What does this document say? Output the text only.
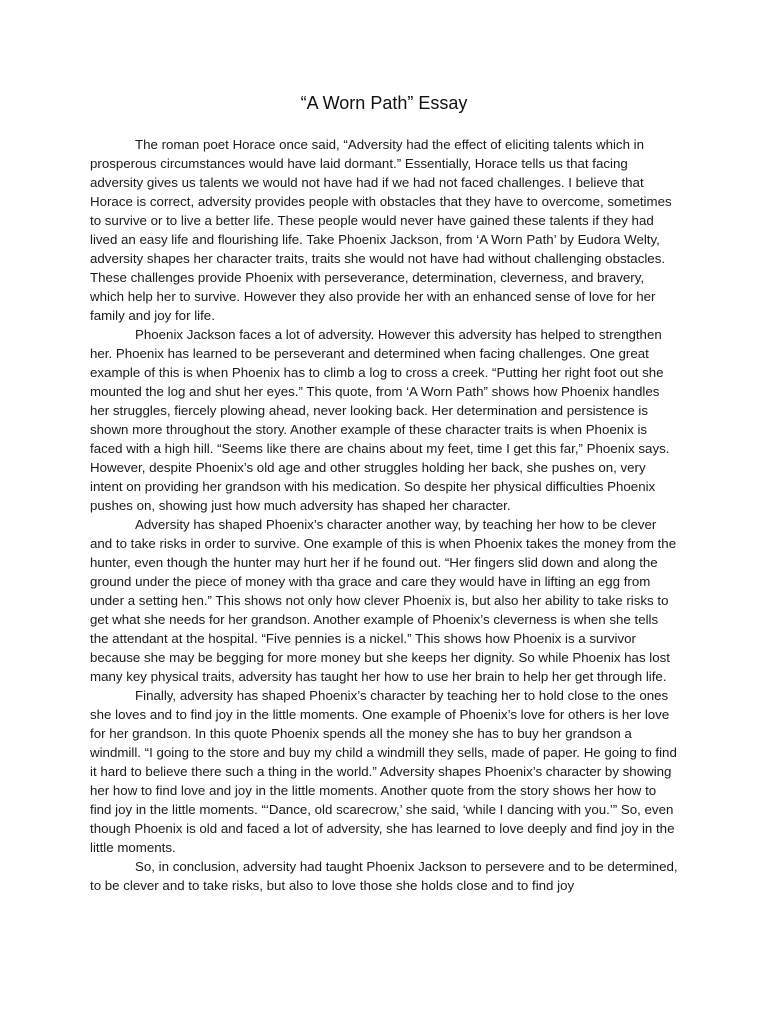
“A Worn Path” Essay

The roman poet Horace once said, “Adversity had the effect of eliciting talents which in prosperous circumstances would have laid dormant.” Essentially, Horace tells us that facing adversity gives us talents we would not have had if we had not faced challenges. I believe that Horace is correct, adversity provides people with obstacles that they have to overcome, sometimes to survive or to live a better life. These people would never have gained these talents if they had lived an easy life and flourishing life. Take Phoenix Jackson, from ‘A Worn Path’ by Eudora Welty, adversity shapes her character traits, traits she would not have had without challenging obstacles. These challenges provide Phoenix with perseverance, determination, cleverness, and bravery, which help her to survive. However they also provide her with an enhanced sense of love for her family and joy for life.

Phoenix Jackson faces a lot of adversity. However this adversity has helped to strengthen her. Phoenix has learned to be perseverant and determined when facing challenges. One great example of this is when Phoenix has to climb a log to cross a creek. “Putting her right foot out she mounted the log and shut her eyes.” This quote, from ‘A Worn Path” shows how Phoenix handles her struggles, fiercely plowing ahead, never looking back. Her determination and persistence is shown more throughout the story. Another example of these character traits is when Phoenix is faced with a high hill. “Seems like there are chains about my feet, time I get this far,” Phoenix says. However, despite Phoenix’s old age and other struggles holding her back, she pushes on, very intent on providing her grandson with his medication. So despite her physical difficulties Phoenix pushes on, showing just how much adversity has shaped her character.

Adversity has shaped Phoenix’s character another way, by teaching her how to be clever and to take risks in order to survive. One example of this is when Phoenix takes the money from the hunter, even though the hunter may hurt her if he found out. “Her fingers slid down and along the ground under the piece of money with tha grace and care they would have in lifting an egg from under a setting hen.” This shows not only how clever Phoenix is, but also her ability to take risks to get what she needs for her grandson. Another example of Phoenix’s cleverness is when she tells the attendant at the hospital. “Five pennies is a nickel.” This shows how Phoenix is a survivor because she may be begging for more money but she keeps her dignity. So while Phoenix has lost many key physical traits, adversity has taught her how to use her brain to help her get through life.

Finally, adversity has shaped Phoenix’s character by teaching her to hold close to the ones she loves and to find joy in the little moments. One example of Phoenix’s love for others is her love for her grandson. In this quote Phoenix spends all the money she has to buy her grandson a windmill. “I going to the store and buy my child a windmill they sells, made of paper. He going to find it hard to believe there such a thing in the world.” Adversity shapes Phoenix’s character by showing her how to find love and joy in the little moments. Another quote from the story shows her how to find joy in the little moments. “‘Dance, old scarecrow,’ she said, ‘while I dancing with you.’” So, even though Phoenix is old and faced a lot of adversity, she has learned to love deeply and find joy in the little moments.

So, in conclusion, adversity had taught Phoenix Jackson to persevere and to be determined, to be clever and to take risks, but also to love those she holds close and to find joy
